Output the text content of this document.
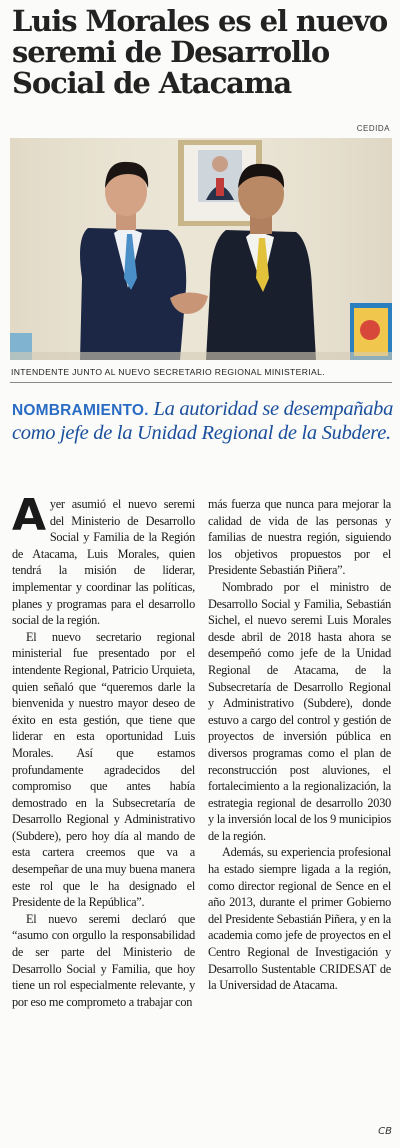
Luis Morales es el nuevo seremi de Desarrollo Social de Atacama
CEDIDA
INTENDENTE JUNTO AL NUEVO SECRETARIO REGIONAL MINISTERIAL.
NOMBRAMIENTO. La autoridad se desempañaba como jefe de la Unidad Regional de la Subdere.

Ayer asumió el nuevo seremi del Ministerio de Desarrollo Social y Familia de la Región de Atacama, Luis Morales, quien tendrá la misión de liderar, implementar y coordinar las políticas, planes y programas para el desarrollo social de la región.

El nuevo secretario regional ministerial fue presentado por el intendente Regional, Patricio Urquieta, quien señaló que “queremos darle la bienvenida y nuestro mayor deseo de éxito en esta gestión, que tiene que liderar en esta oportunidad Luis Morales. Así que estamos profundamente agradecidos del compromiso que antes había demostrado en la Subsecretaría de Desarrollo Regional y Administrativo (Subdere), pero hoy día al mando de esta cartera creemos que va a desempeñar de una muy buena manera este rol que le ha designado el Presidente de la República”.

El nuevo seremi declaró que “asumo con orgullo la responsabilidad de ser parte del Ministerio de Desarrollo Social y Familia, que hoy tiene un rol especialmente relevante, y por eso me comprometo a trabajar con

más fuerza que nunca para mejorar la calidad de vida de las personas y familias de nuestra región, siguiendo los objetivos propuestos por el Presidente Sebastián Piñera”.

Nombrado por el ministro de Desarrollo Social y Familia, Sebastián Sichel, el nuevo seremi Luis Morales desde abril de 2018 hasta ahora se desempeñó como jefe de la Unidad Regional de Atacama, de la Subsecretaría de Desarrollo Regional y Administrativo (Subdere), donde estuvo a cargo del control y gestión de proyectos de inversión pública en diversos programas como el plan de reconstrucción post aluviones, el fortalecimiento a la regionalización, la estrategia regional de desarrollo 2030 y la inversión local de los 9 municipios de la región.

Además, su experiencia profesional ha estado siempre ligada a la región, como director regional de Sence en el año 2013, durante el primer Gobierno del Presidente Sebastián Piñera, y en la academia como jefe de proyectos en el Centro Regional de Investigación y Desarrollo Sustentable CRIDESAT de la Universidad de Atacama.

CB
